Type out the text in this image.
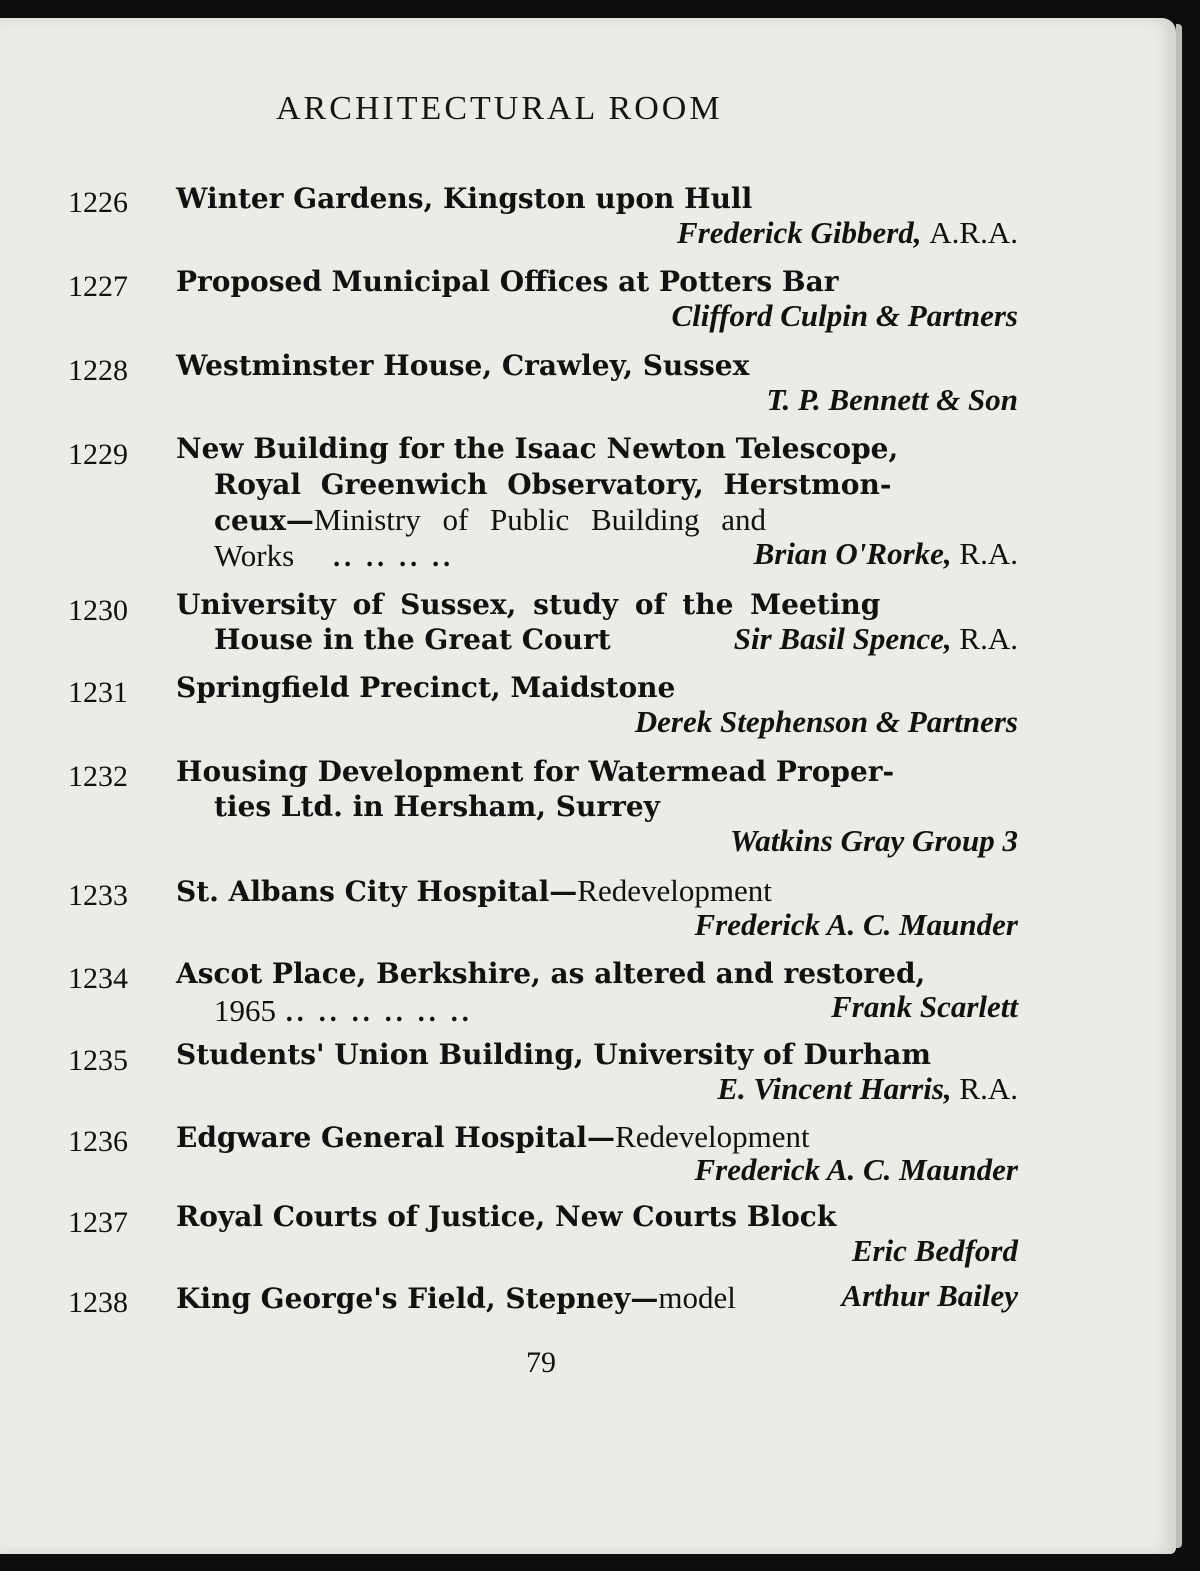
ARCHITECTURAL ROOM
1226 Winter Gardens, Kingston upon Hull
Frederick Gibberd, A.R.A.
1227 Proposed Municipal Offices at Potters Bar
Clifford Culpin & Partners
1228 Westminster House, Crawley, Sussex
T. P. Bennett & Son
1229 New Building for the Isaac Newton Telescope,
Royal Greenwich Observatory, Herstmon-
ceux—Ministry of Public Building and
Works .. .. .. ..	Brian O'Rorke, R.A.
1230 University of Sussex, study of the Meeting
House in the Great Court	Sir Basil Spence, R.A.
1231 Springfield Precinct, Maidstone
Derek Stephenson & Partners
1232 Housing Development for Watermead Proper-
ties Ltd. in Hersham, Surrey
Watkins Gray Group 3
1233 St. Albans City Hospital—Redevelopment
Frederick A. C. Maunder
1234 Ascot Place, Berkshire, as altered and restored,
1965 .. .. .. .. .. ..	Frank Scarlett
1235 Students' Union Building, University of Durham
E. Vincent Harris, R.A.
1236 Edgware General Hospital—Redevelopment
Frederick A. C. Maunder
1237 Royal Courts of Justice, New Courts Block
Eric Bedford
1238 King George's Field, Stepney—model	Arthur Bailey
79
